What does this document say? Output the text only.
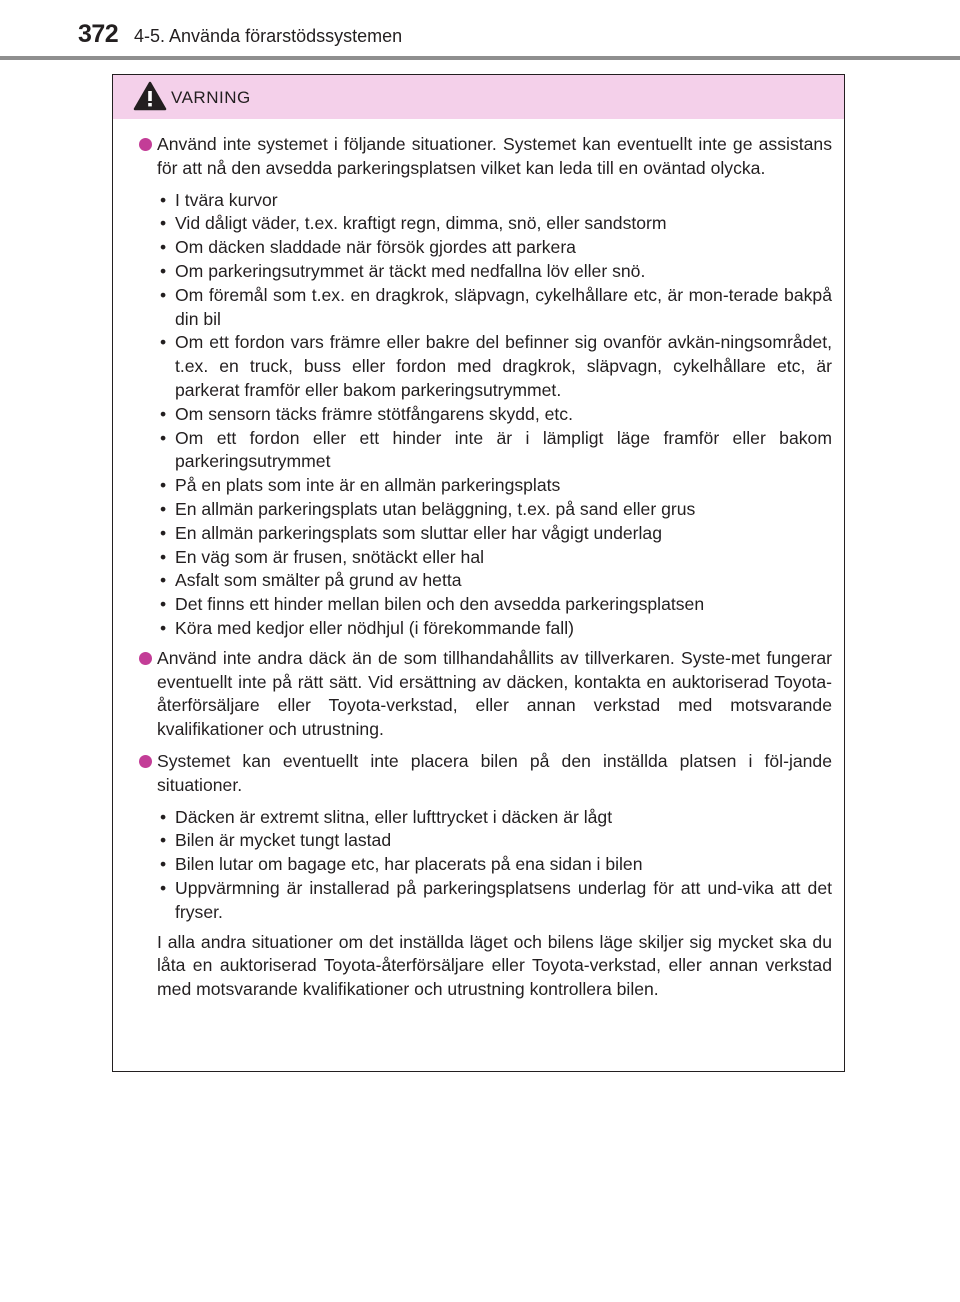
372 4-5. Använda förarstödssystemen
VARNING
Använd inte systemet i följande situationer. Systemet kan eventuellt inte ge assistans för att nå den avsedda parkeringsplatsen vilket kan leda till en oväntad olycka.
• I tvära kurvor
• Vid dåligt väder, t.ex. kraftigt regn, dimma, snö, eller sandstorm
• Om däcken sladdade när försök gjordes att parkera
• Om parkeringsutrymmet är täckt med nedfallna löv eller snö.
• Om föremål som t.ex. en dragkrok, släpvagn, cykelhållare etc, är mon-terade bakpå din bil
• Om ett fordon vars främre eller bakre del befinner sig ovanför avkän-ningsområdet, t.ex. en truck, buss eller fordon med dragkrok, släpvagn, cykelhållare etc, är parkerat framför eller bakom parkeringsutrymmet.
• Om sensorn täcks främre stötfångarens skydd, etc.
• Om ett fordon eller ett hinder inte är i lämpligt läge framför eller bakom parkeringsutrymmet
• På en plats som inte är en allmän parkeringsplats
• En allmän parkeringsplats utan beläggning, t.ex. på sand eller grus
• En allmän parkeringsplats som sluttar eller har vågigt underlag
• En väg som är frusen, snötäckt eller hal
• Asfalt som smälter på grund av hetta
• Det finns ett hinder mellan bilen och den avsedda parkeringsplatsen
• Köra med kedjor eller nödhjul (i förekommande fall)
Använd inte andra däck än de som tillhandahållits av tillverkaren. Syste-met fungerar eventuellt inte på rätt sätt. Vid ersättning av däcken, kontakta en auktoriserad Toyota-återförsäljare eller Toyota-verkstad, eller annan verkstad med motsvarande kvalifikationer och utrustning.
Systemet kan eventuellt inte placera bilen på den inställda platsen i föl-jande situationer.
• Däcken är extremt slitna, eller lufttrycket i däcken är lågt
• Bilen är mycket tungt lastad
• Bilen lutar om bagage etc, har placerats på ena sidan i bilen
• Uppvärmning är installerad på parkeringsplatsens underlag för att und-vika att det fryser.
I alla andra situationer om det inställda läget och bilens läge skiljer sig mycket ska du låta en auktoriserad Toyota-återförsäljare eller Toyota-verkstad, eller annan verkstad med motsvarande kvalifikationer och utrustning kontrollera bilen.
